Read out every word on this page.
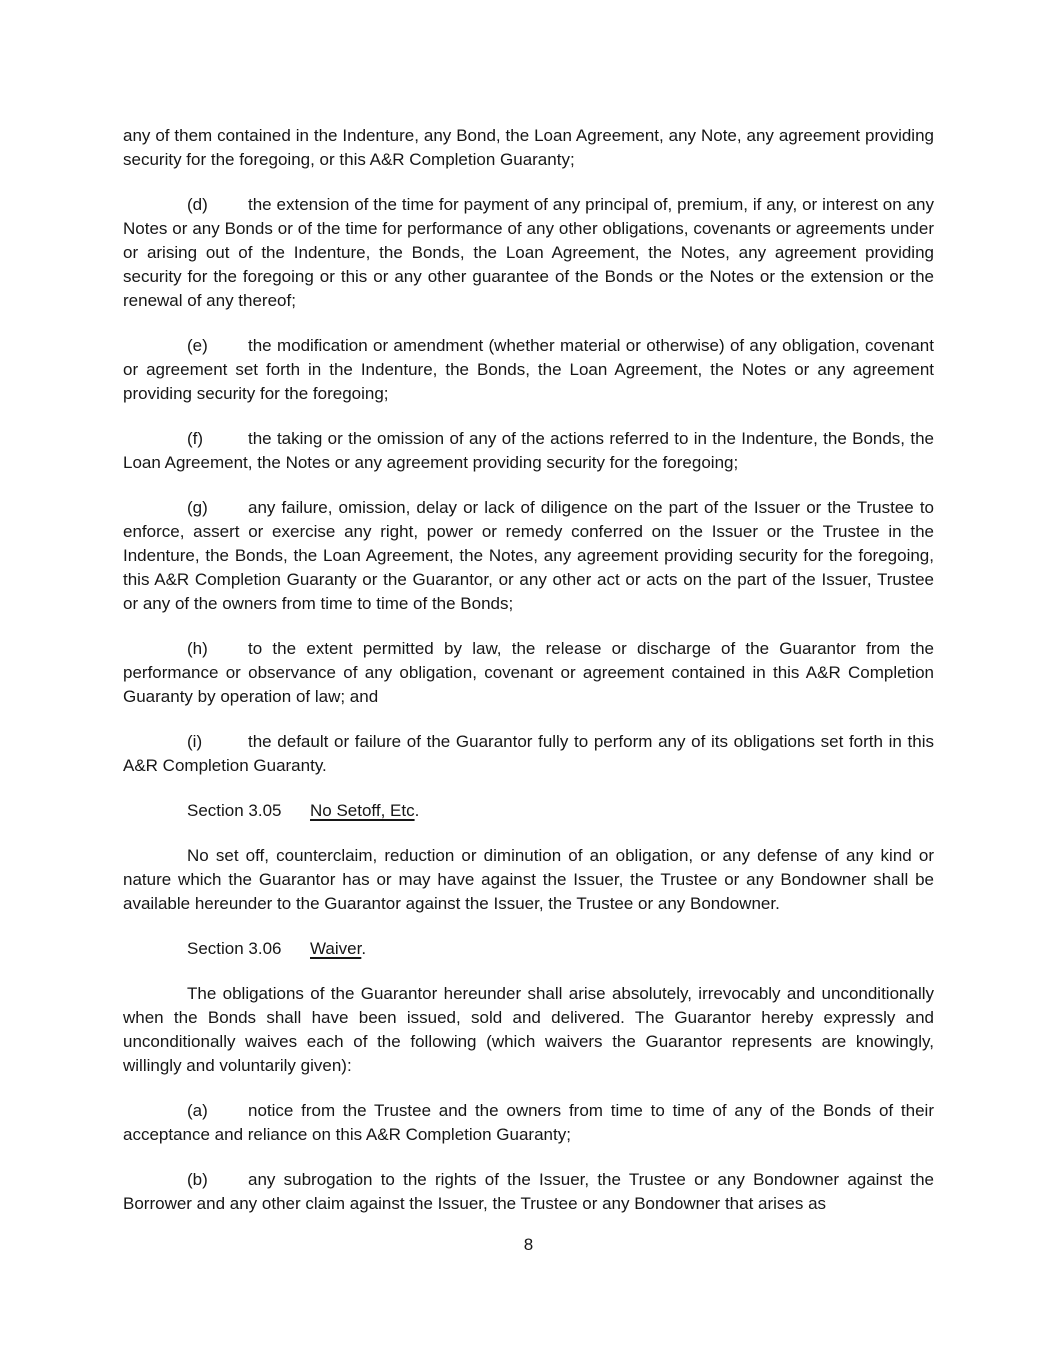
any of them contained in the Indenture, any Bond, the Loan Agreement, any Note, any agreement providing security for the foregoing, or this A&R Completion Guaranty;

(d) the extension of the time for payment of any principal of, premium, if any, or interest on any Notes or any Bonds or of the time for performance of any other obligations, covenants or agreements under or arising out of the Indenture, the Bonds, the Loan Agreement, the Notes, any agreement providing security for the foregoing or this or any other guarantee of the Bonds or the Notes or the extension or the renewal of any thereof;

(e) the modification or amendment (whether material or otherwise) of any obligation, covenant or agreement set forth in the Indenture, the Bonds, the Loan Agreement, the Notes or any agreement providing security for the foregoing;

(f)	the taking or the omission of any of the actions referred to in the Indenture, the Bonds, the Loan Agreement, the Notes or any agreement providing security for the foregoing;

(g) any failure, omission, delay or lack of diligence on the part of the Issuer or the Trustee to enforce, assert or exercise any right, power or remedy conferred on the Issuer or the Trustee in the Indenture, the Bonds, the Loan Agreement, the Notes, any agreement providing security for the foregoing, this A&R Completion Guaranty or the Guarantor, or any other act or acts on the part of the Issuer, Trustee or any of the owners from time to time of the Bonds;

(h) to the extent permitted by law, the release or discharge of the Guarantor from the performance or observance of any obligation, covenant or agreement contained in this A&R Completion Guaranty by operation of law; and

(i)	the default or failure of the Guarantor fully to perform any of its obligations set forth in this A&R Completion Guaranty.

Section 3.05 No Setoff, Etc.

No set off, counterclaim, reduction or diminution of an obligation, or any defense of any kind or nature which the Guarantor has or may have against the Issuer, the Trustee or any Bondowner shall be available hereunder to the Guarantor against the Issuer, the Trustee or any Bondowner.

Section 3.06 Waiver.

The obligations of the Guarantor hereunder shall arise absolutely, irrevocably and unconditionally when the Bonds shall have been issued, sold and delivered. The Guarantor hereby expressly and unconditionally waives each of the following (which waivers the Guarantor represents are knowingly, willingly and voluntarily given):

(a) notice from the Trustee and the owners from time to time of any of the Bonds of their acceptance and reliance on this A&R Completion Guaranty;

(b) any subrogation to the rights of the Issuer, the Trustee or any Bondowner against the Borrower and any other claim against the Issuer, the Trustee or any Bondowner that arises as

8
